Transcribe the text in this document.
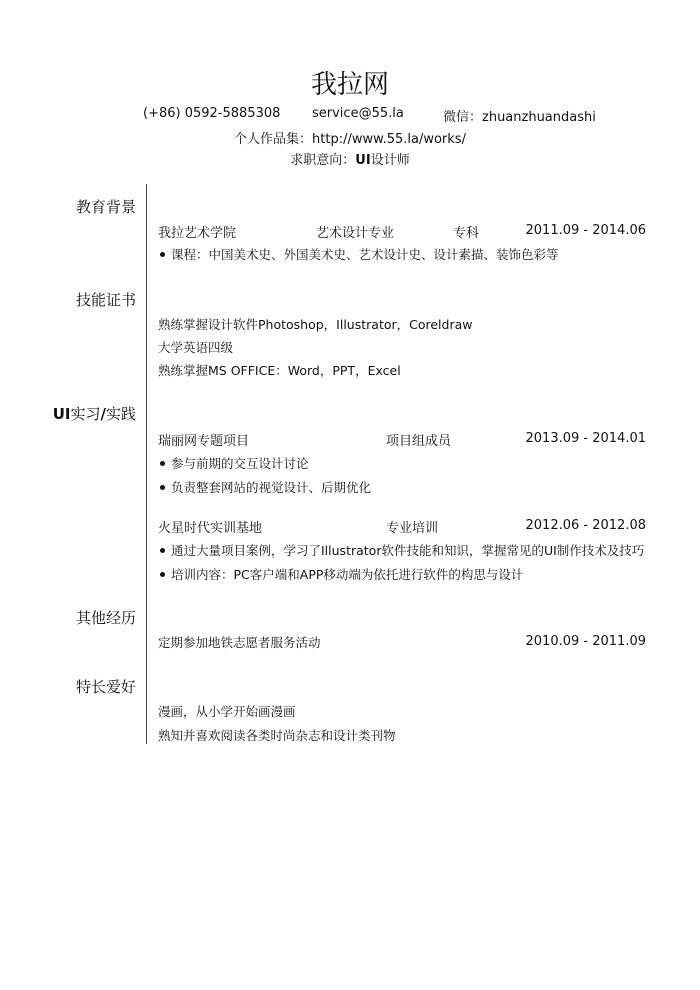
我拉网
(+86) 0592-5885308 service@55.la	微信：zhuanzhuandashi
个人作品集：http://www.55.la/works/
求职意向：UI设计师
教育背景
我拉艺术学院	艺术设计专业	专科	2011.09 - 2014.06
课程：中国美术史、外国美术史、艺术设计史、设计素描、装饰色彩等
技能证书
熟练掌握设计软件Photoshop，Illustrator，Coreldraw
大学英语四级
熟练掌握MS OFFICE：Word，PPT，Excel
UI实习/实践
瑞丽网专题项目	项目组成员	2013.09 - 2014.01
参与前期的交互设计讨论
负责整套网站的视觉设计、后期优化
火星时代实训基地	专业培训	2012.06 - 2012.08
通过大量项目案例，学习了Illustrator软件技能和知识，掌握常见的UI制作技术及技巧
培训内容：PC客户端和APP移动端为依托进行软件的构思与设计
其他经历
定期参加地铁志愿者服务活动	2010.09 - 2011.09
特长爱好
漫画，从小学开始画漫画
熟知并喜欢阅读各类时尚杂志和设计类刊物
